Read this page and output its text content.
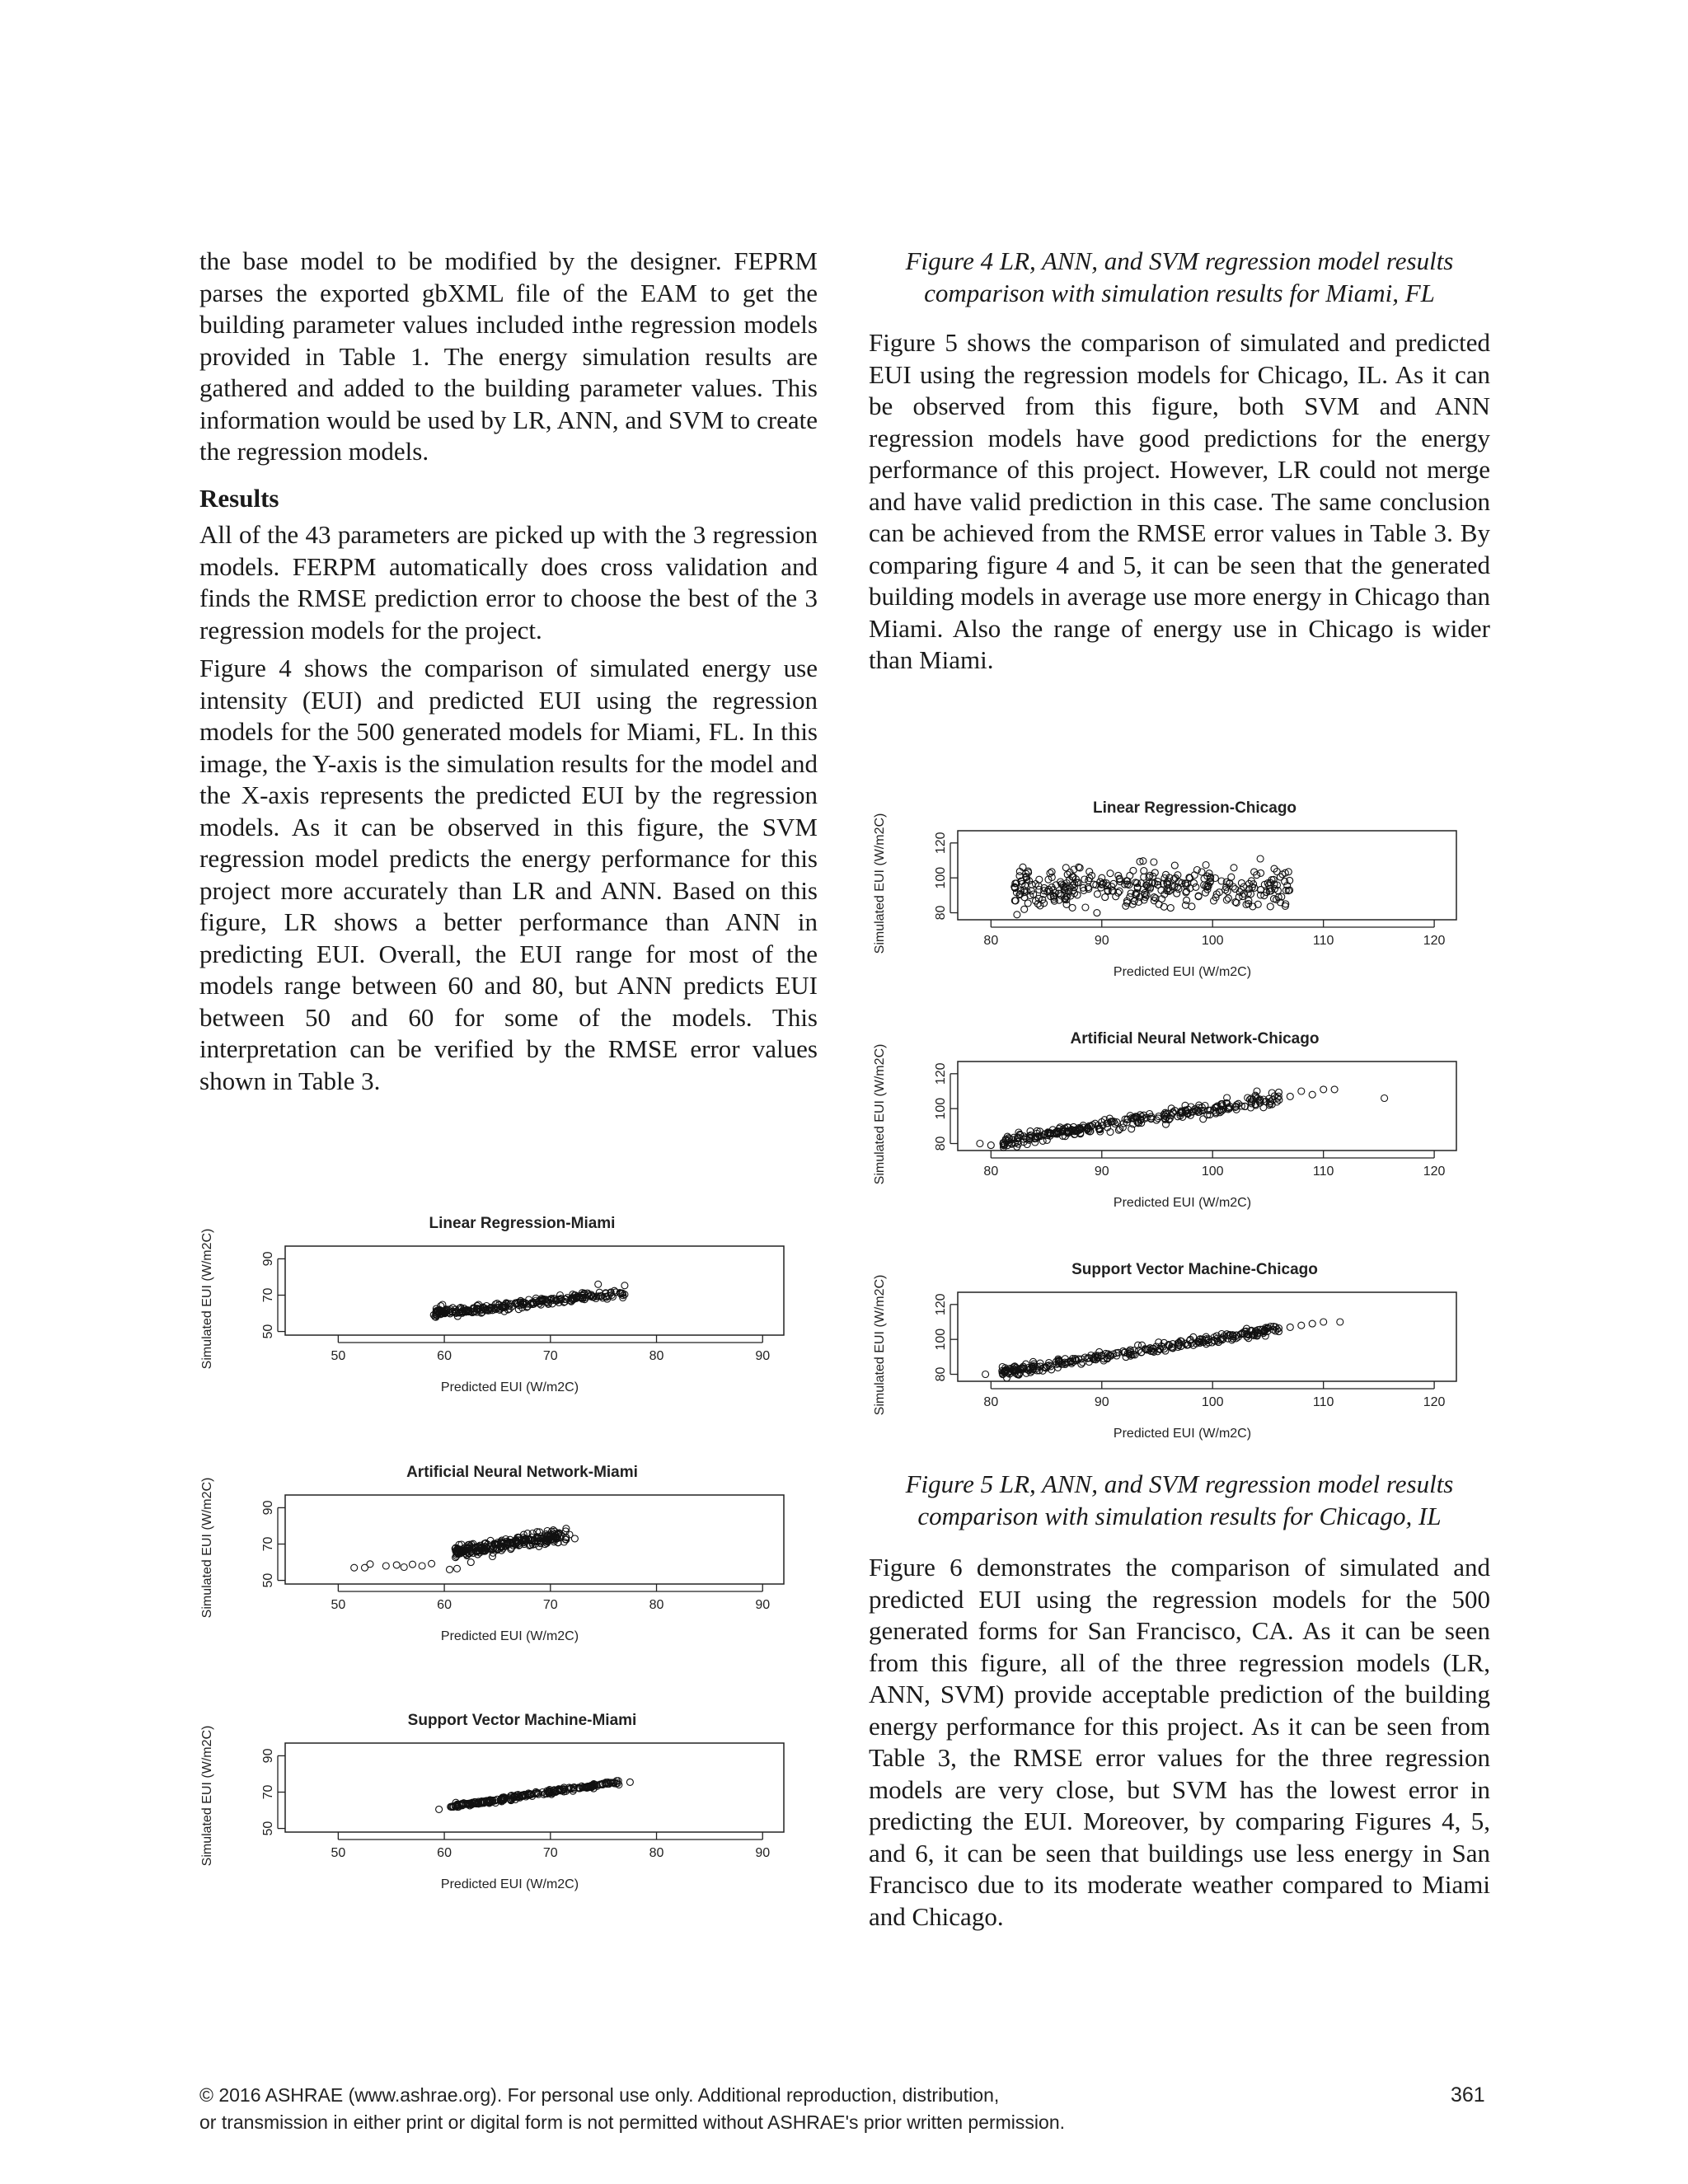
the base model to be modified by the designer. FEPRM parses the exported gbXML file of the EAM to get the building parameter values included inthe regression models provided in Table 1. The energy simulation results are gathered and added to the building parameter values. This information would be used by LR, ANN, and SVM to create the regression models.

Results

All of the 43 parameters are picked up with the 3 regression models. FERPM automatically does cross validation and finds the RMSE prediction error to choose the best of the 3 regression models for the project.

Figure 4 shows the comparison of simulated energy use intensity (EUI) and predicted EUI using the regression models for the 500 generated models for Miami, FL. In this image, the Y-axis is the simulation results for the model and the X-axis represents the predicted EUI by the regression models. As it can be observed in this figure, the SVM regression model predicts the energy performance for this project more accurately than LR and ANN. Based on this figure, LR shows a better performance than ANN in predicting EUI. Overall, the EUI range for most of the models range between 60 and 80, but ANN predicts EUI between 50 and 60 for some of the models. This interpretation can be verified by the RMSE error values shown in Table 3.

Figure 4 LR, ANN, and SVM regression model results

comparison with simulation results for Miami, FL

Figure 5 shows the comparison of simulated and predicted EUI using the regression models for Chicago, IL. As it can be observed from this figure, both SVM and ANN regression models have good predictions for the energy performance of this project. However, LR could not merge and have valid prediction in this case. The same conclusion can be achieved from the RMSE error values in Table 3. By comparing figure 4 and 5, it can be seen that the generated building models in average use more energy in Chicago than Miami. Also the range of energy use in Chicago is wider than Miami.

Figure 5 LR, ANN, and SVM regression model results

comparison with simulation results for Chicago, IL

Figure 6 demonstrates the comparison of simulated and predicted EUI using the regression models for the 500 generated forms for San Francisco, CA. As it can be seen from this figure, all of the three regression models (LR, ANN, SVM) provide acceptable prediction of the building energy performance for this project. As it can be seen from Table 3, the RMSE error values for the three regression models are very close, but SVM has the lowest error in predicting the EUI. Moreover, by comparing Figures 4, 5, and 6, it can be seen that buildings use less energy in San Francisco due to its moderate weather compared to Miami and Chicago.

Linear Regression-Miami
50	60	70	80	90
50
70
90
Predicted EUI (W/m2C)
Simulated EUI (W/m2C)
Artificial Neural Network-Miami
50	60	70	80	90
50
70
90
Predicted EUI (W/m2C)
Simulated EUI (W/m2C)
Support Vector Machine-Miami
50	60	70	80	90
50
70
90
Predicted EUI (W/m2C)
Simulated EUI (W/m2C)
Linear Regression-Chicago
80	90	100	110	120
80
100
120
Predicted EUI (W/m2C)
Simulated EUI (W/m2C)
Artificial Neural Network-Chicago
80	90	100	110	120
80
100
120
Predicted EUI (W/m2C)
Simulated EUI (W/m2C)
Support Vector Machine-Chicago
80	90	100	110	120
80
100
120
Predicted EUI (W/m2C)
Simulated EUI (W/m2C)
© 2016 ASHRAE (www.ashrae.org). For personal use only. Additional reproduction, distribution,
or transmission in either print or digital form is not permitted without ASHRAE's prior written permission.
361
